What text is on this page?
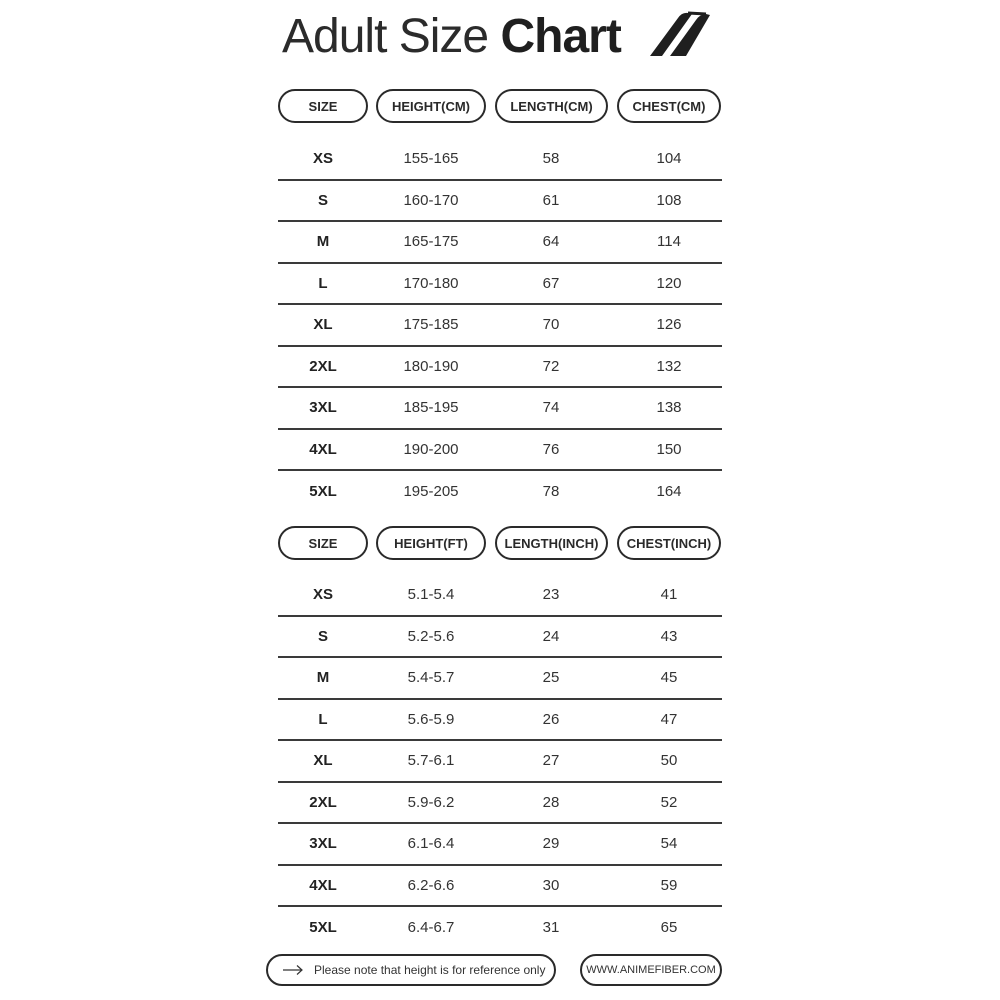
Adult Size Chart
SIZE	HEIGHT(CM)	LENGTH(CM)	CHEST(CM)
XS	155-165	58	104
S	160-170	61	108
M	165-175	64	114
L	170-180	67	120
XL	175-185	70	126
2XL	180-190	72	132
3XL	185-195	74	138
4XL	190-200	76	150
5XL	195-205	78	164
SIZE	HEIGHT(FT)	LENGTH(INCH)	CHEST(INCH)
XS	5.1-5.4	23	41
S	5.2-5.6	24	43
M	5.4-5.7	25	45
L	5.6-5.9	26	47
XL	5.7-6.1	27	50
2XL	5.9-6.2	28	52
3XL	6.1-6.4	29	54
4XL	6.2-6.6	30	59
5XL	6.4-6.7	31	65
Please note that height is for reference only	WWW.ANIMEFIBER.COM
